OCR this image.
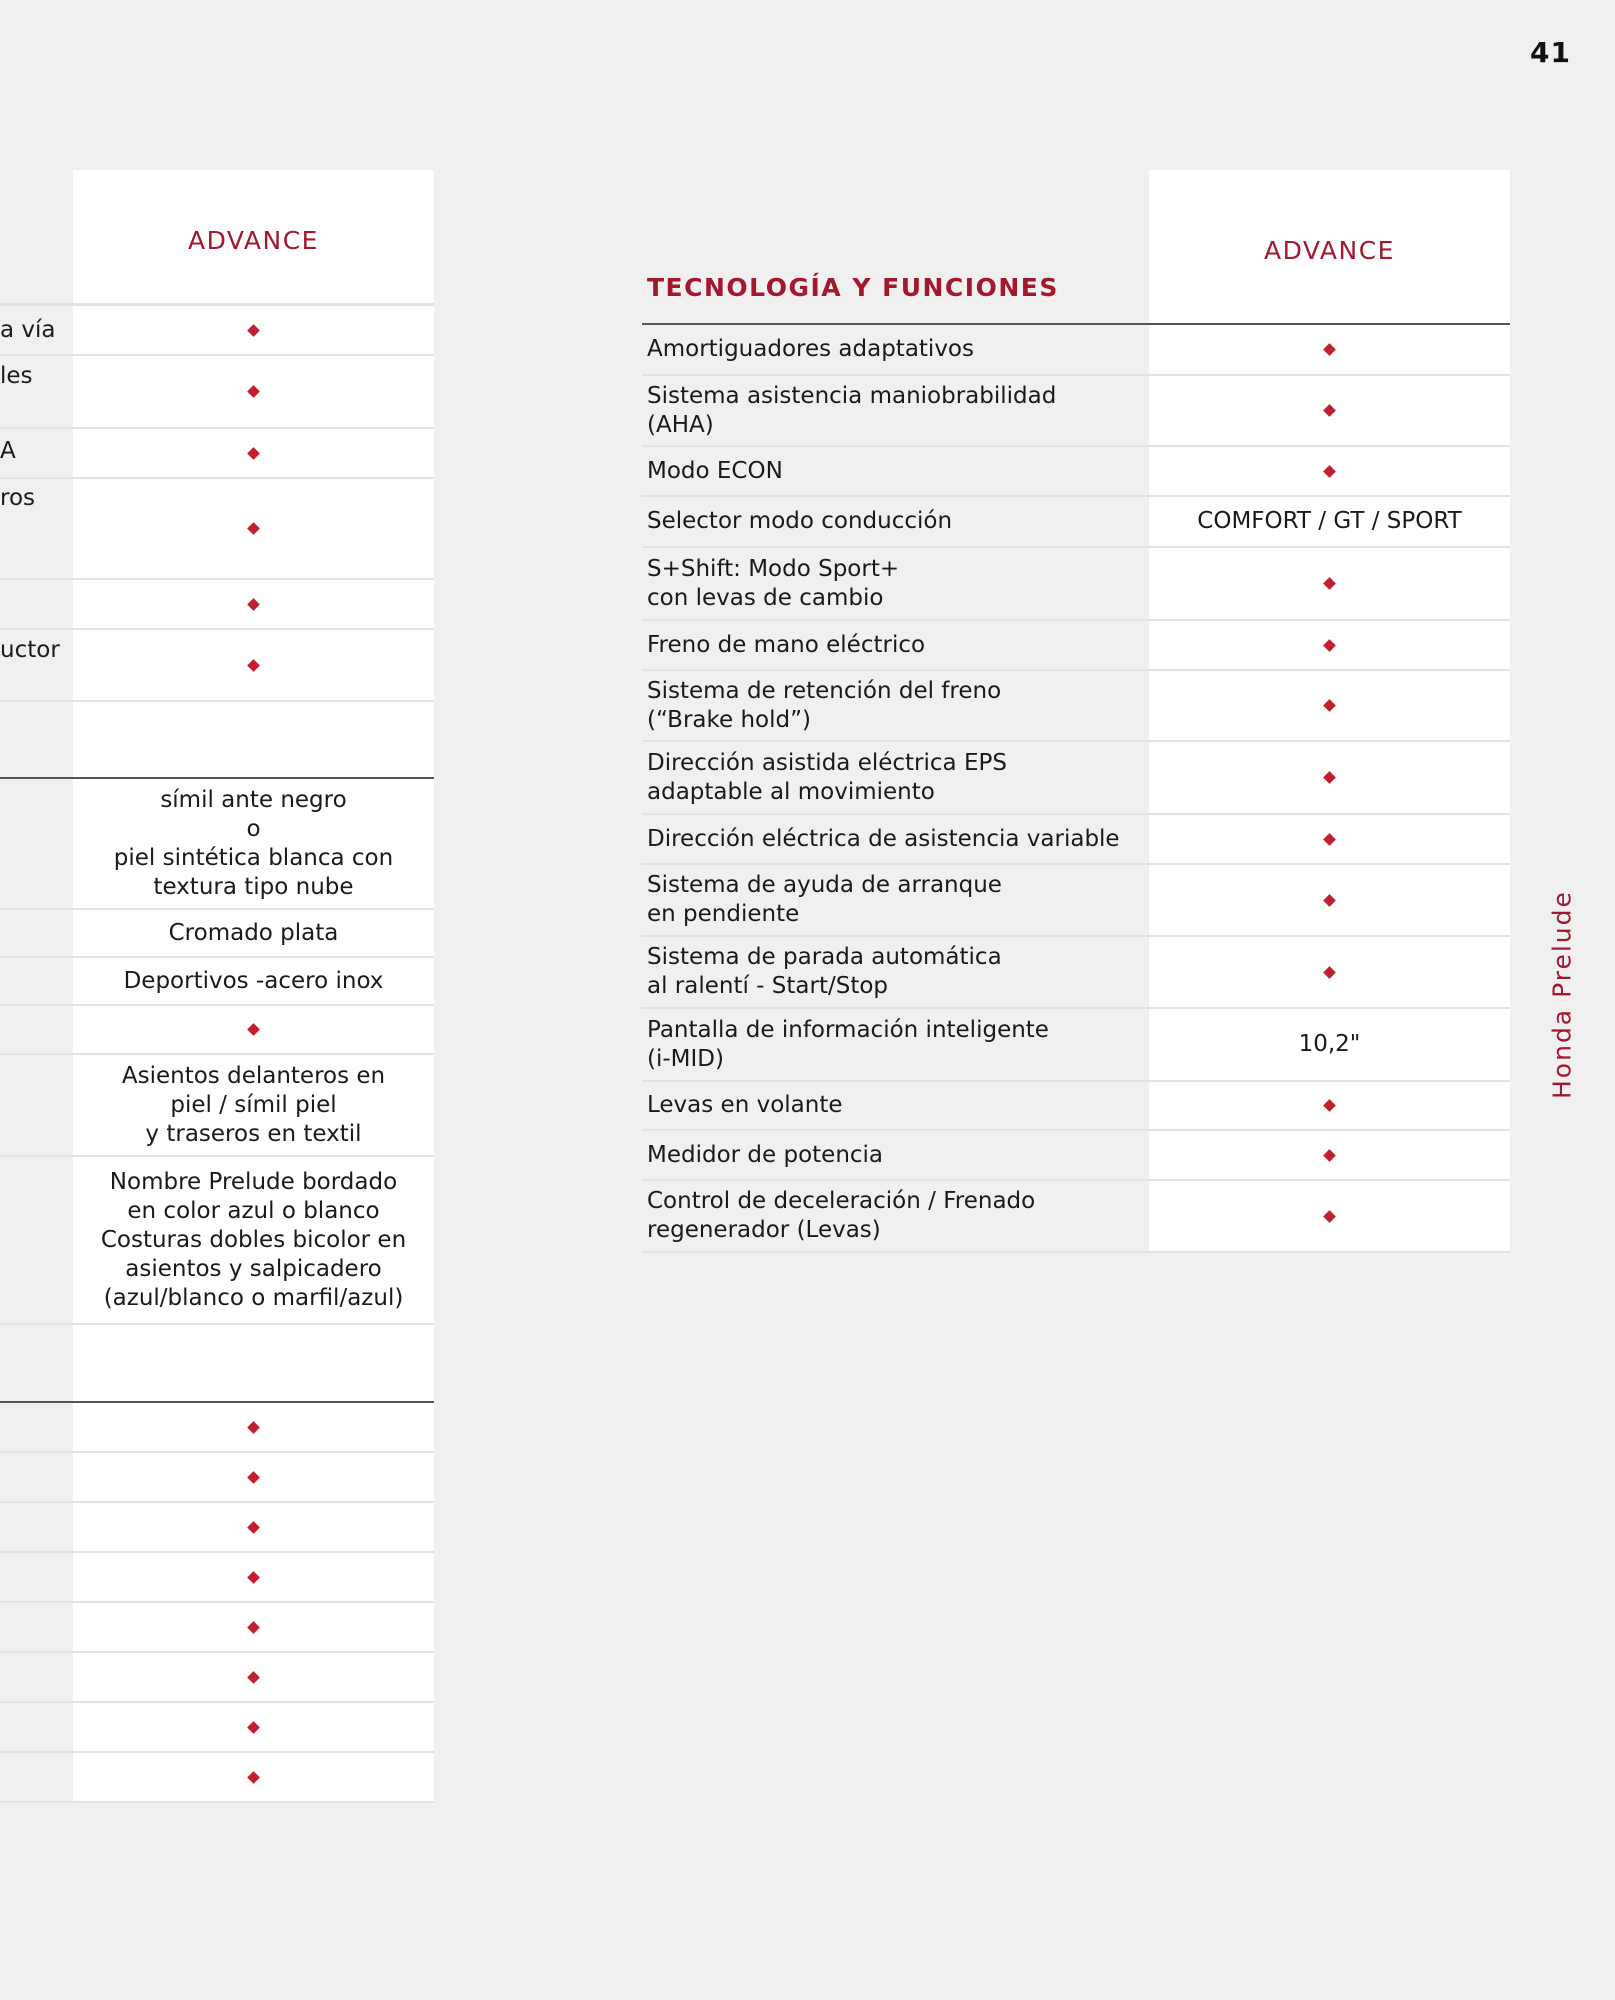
41
Honda Prelude
ADVANCE
a vía
les
A
ros
uctor
símil ante negro
o
piel sintética blanca con
textura tipo nube
Cromado plata
Deportivos -acero inox
Asientos delanteros en
piel / símil piel
y traseros en textil
Nombre Prelude bordado
en color azul o blanco
Costuras dobles bicolor en
asientos y salpicadero
(azul/blanco o marfil/azul)
TECNOLOGÍA Y FUNCIONES
ADVANCE
Amortiguadores adaptativos
Sistema asistencia maniobrabilidad
(AHA)
Modo ECON
Selector modo conducción	COMFORT / GT / SPORT
S+Shift: Modo Sport+
con levas de cambio
Freno de mano eléctrico
Sistema de retención del freno
(“Brake hold”)
Dirección asistida eléctrica EPS
adaptable al movimiento
Dirección eléctrica de asistencia variable
Sistema de ayuda de arranque
en pendiente
Sistema de parada automática
al ralentí - Start/Stop
Pantalla de información inteligente
(i-MID)
10,2"
Levas en volante
Medidor de potencia
Control de deceleración / Frenado
regenerador (Levas)
